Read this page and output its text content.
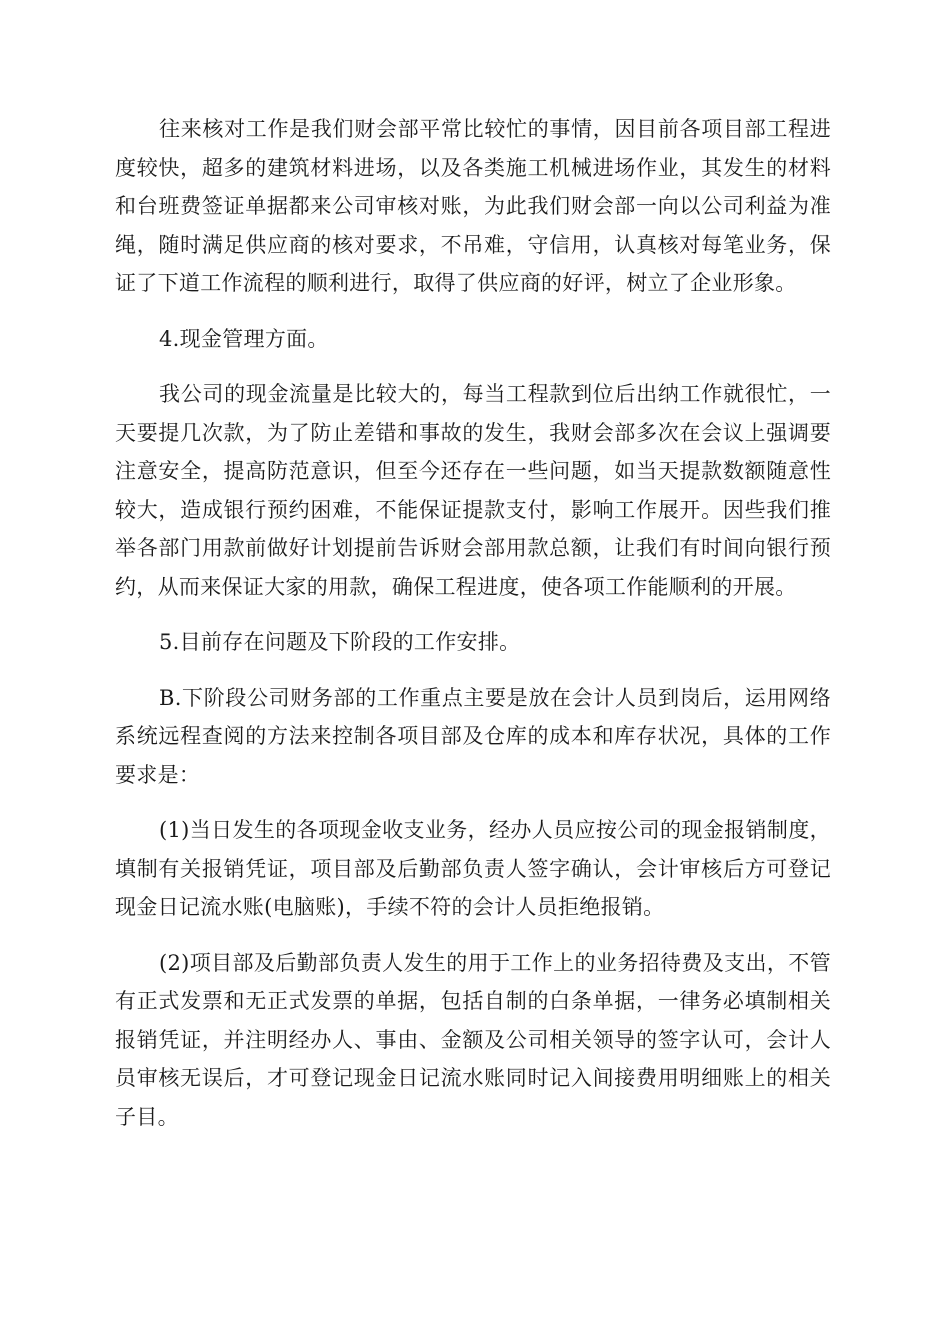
往来核对工作是我们财会部平常比较忙的事情，因目前各项目部工程进度较快，超多的建筑材料进场，以及各类施工机械进场作业，其发生的材料和台班费签证单据都来公司审核对账，为此我们财会部一向以公司利益为准绳，随时满足供应商的核对要求，不吊难，守信用，认真核对每笔业务，保证了下道工作流程的顺利进行，取得了供应商的好评，树立了企业形象。

4.现金管理方面。

我公司的现金流量是比较大的，每当工程款到位后出纳工作就很忙，一天要提几次款，为了防止差错和事故的发生，我财会部多次在会议上强调要注意安全，提高防范意识，但至今还存在一些问题，如当天提款数额随意性较大，造成银行预约困难，不能保证提款支付，影响工作展开。因些我们推举各部门用款前做好计划提前告诉财会部用款总额，让我们有时间向银行预约，从而来保证大家的用款，确保工程进度，使各项工作能顺利的开展。

5.目前存在问题及下阶段的工作安排。

B.下阶段公司财务部的工作重点主要是放在会计人员到岗后，运用网络系统远程查阅的方法来控制各项目部及仓库的成本和库存状况，具体的工作要求是：

(1)当日发生的各项现金收支业务，经办人员应按公司的现金报销制度，填制有关报销凭证，项目部及后勤部负责人签字确认，会计审核后方可登记现金日记流水账(电脑账)，手续不符的会计人员拒绝报销。

(2)项目部及后勤部负责人发生的用于工作上的业务招待费及支出，不管有正式发票和无正式发票的单据，包括自制的白条单据，一律务必填制相关报销凭证，并注明经办人、事由、金额及公司相关领导的签字认可，会计人员审核无误后，才可登记现金日记流水账同时记入间接费用明细账上的相关子目。
